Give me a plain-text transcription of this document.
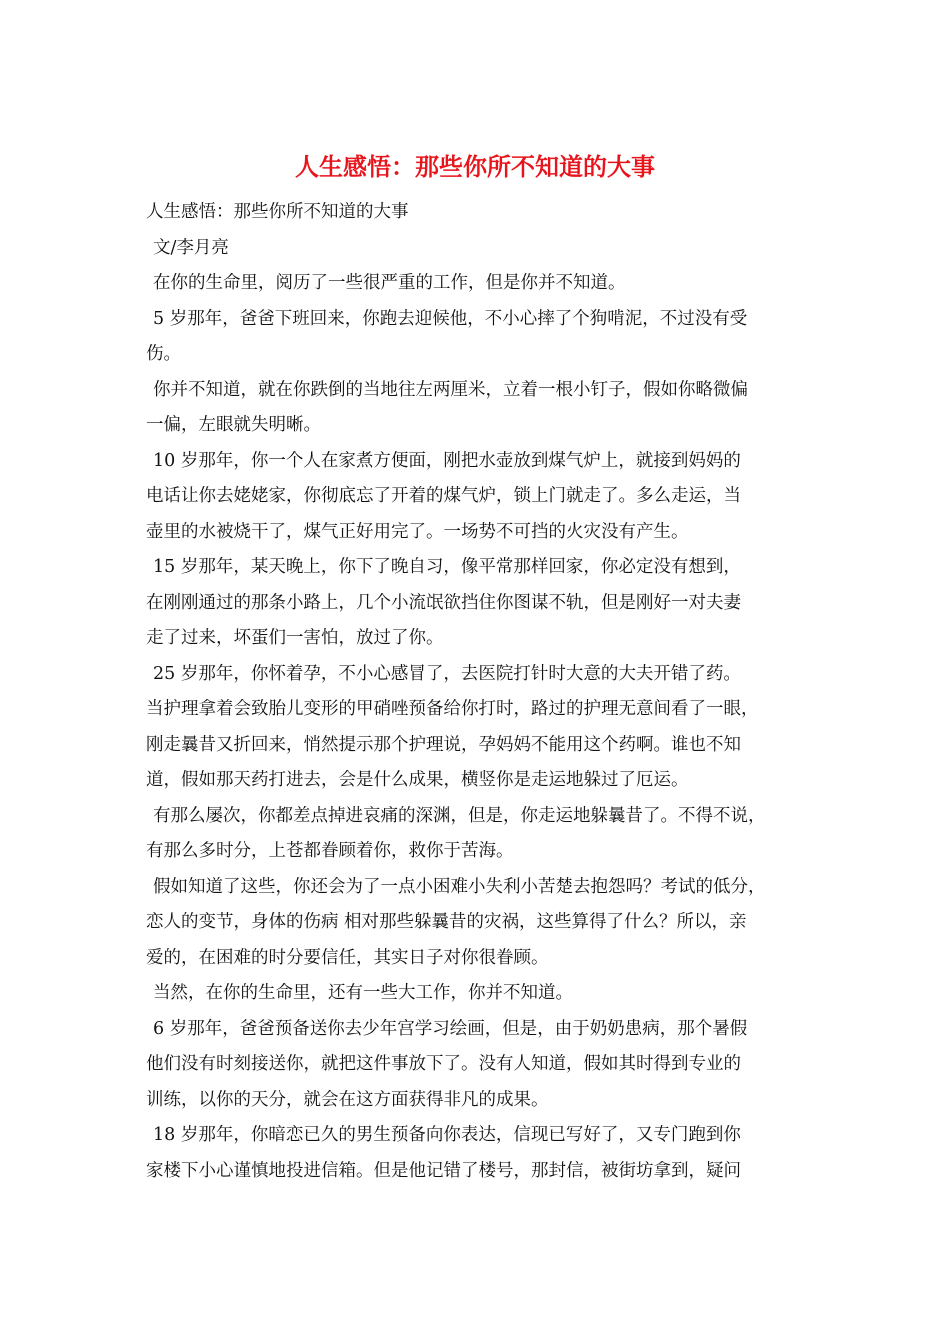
人生感悟：那些你所不知道的大事
人生感悟：那些你所不知道的大事
文/李月亮
在你的生命里，阅历了一些很严重的工作，但是你并不知道。
5 岁那年，爸爸下班回来，你跑去迎候他，不小心摔了个狗啃泥，不过没有受
伤。
你并不知道，就在你跌倒的当地往左两厘米，立着一根小钉子，假如你略微偏
一偏，左眼就失明晰。
10 岁那年，你一个人在家煮方便面，刚把水壶放到煤气炉上，就接到妈妈的
电话让你去姥姥家，你彻底忘了开着的煤气炉，锁上门就走了。多么走运，当
壶里的水被烧干了，煤气正好用完了。一场势不可挡的火灾没有产生。
15 岁那年，某天晚上，你下了晚自习，像平常那样回家，你必定没有想到，
在刚刚通过的那条小路上，几个小流氓欲挡住你图谋不轨，但是刚好一对夫妻
走了过来，坏蛋们一害怕，放过了你。
25 岁那年，你怀着孕，不小心感冒了，去医院打针时大意的大夫开错了药。
当护理拿着会致胎儿变形的甲硝唑预备给你打时，路过的护理无意间看了一眼，
刚走曩昔又折回来，悄然提示那个护理说，孕妈妈不能用这个药啊。谁也不知
道，假如那天药打进去，会是什么成果，横竖你是走运地躲过了厄运。
有那么屡次，你都差点掉进哀痛的深渊，但是，你走运地躲曩昔了。不得不说，
有那么多时分，上苍都眷顾着你，救你于苦海。
假如知道了这些，你还会为了一点小困难小失利小苦楚去抱怨吗？考试的低分，
恋人的变节，身体的伤病 相对那些躲曩昔的灾祸，这些算得了什么？所以，亲
爱的，在困难的时分要信任，其实日子对你很眷顾。
当然，在你的生命里，还有一些大工作，你并不知道。
6 岁那年，爸爸预备送你去少年宫学习绘画，但是，由于奶奶患病，那个暑假
他们没有时刻接送你，就把这件事放下了。没有人知道，假如其时得到专业的
训练，以你的天分，就会在这方面获得非凡的成果。
18 岁那年，你暗恋已久的男生预备向你表达，信现已写好了，又专门跑到你
家楼下小心谨慎地投进信箱。但是他记错了楼号，那封信，被街坊拿到，疑问
